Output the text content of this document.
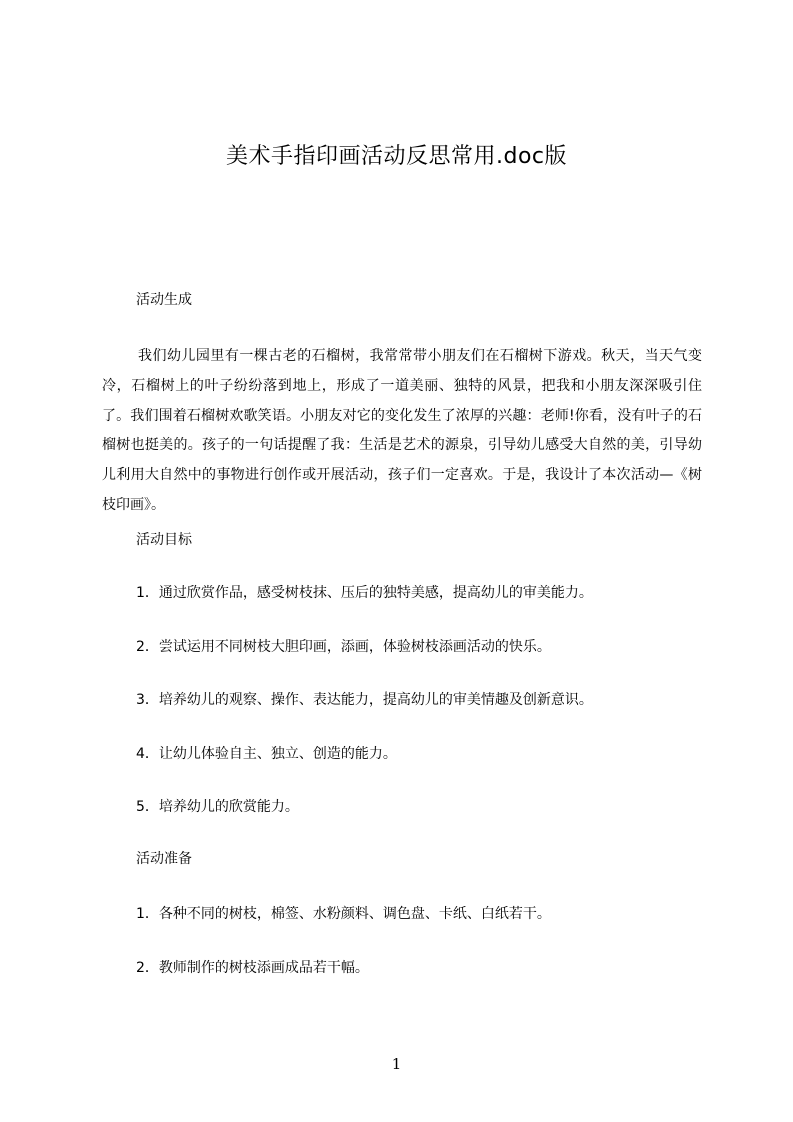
美术手指印画活动反思常用.doc版
活动生成
我们幼儿园里有一棵古老的石榴树，我常常带小朋友们在石榴树下游戏。秋天，当天气变冷，石榴树上的叶子纷纷落到地上，形成了一道美丽、独特的风景，把我和小朋友深深吸引住了。我们围着石榴树欢歌笑语。小朋友对它的变化发生了浓厚的兴趣：老师!你看，没有叶子的石榴树也挺美的。孩子的一句话提醒了我：生活是艺术的源泉，引导幼儿感受大自然的美，引导幼儿利用大自然中的事物进行创作或开展活动，孩子们一定喜欢。于是，我设计了本次活动—《树枝印画》。
活动目标
1．通过欣赏作品，感受树枝抹、压后的独特美感，提高幼儿的审美能力。
2．尝试运用不同树枝大胆印画，添画，体验树枝添画活动的快乐。
3．培养幼儿的观察、操作、表达能力，提高幼儿的审美情趣及创新意识。
4．让幼儿体验自主、独立、创造的能力。
5．培养幼儿的欣赏能力。
活动准备
1．各种不同的树枝，棉签、水粉颜料、调色盘、卡纸、白纸若干。
2．教师制作的树枝添画成品若干幅。
1
